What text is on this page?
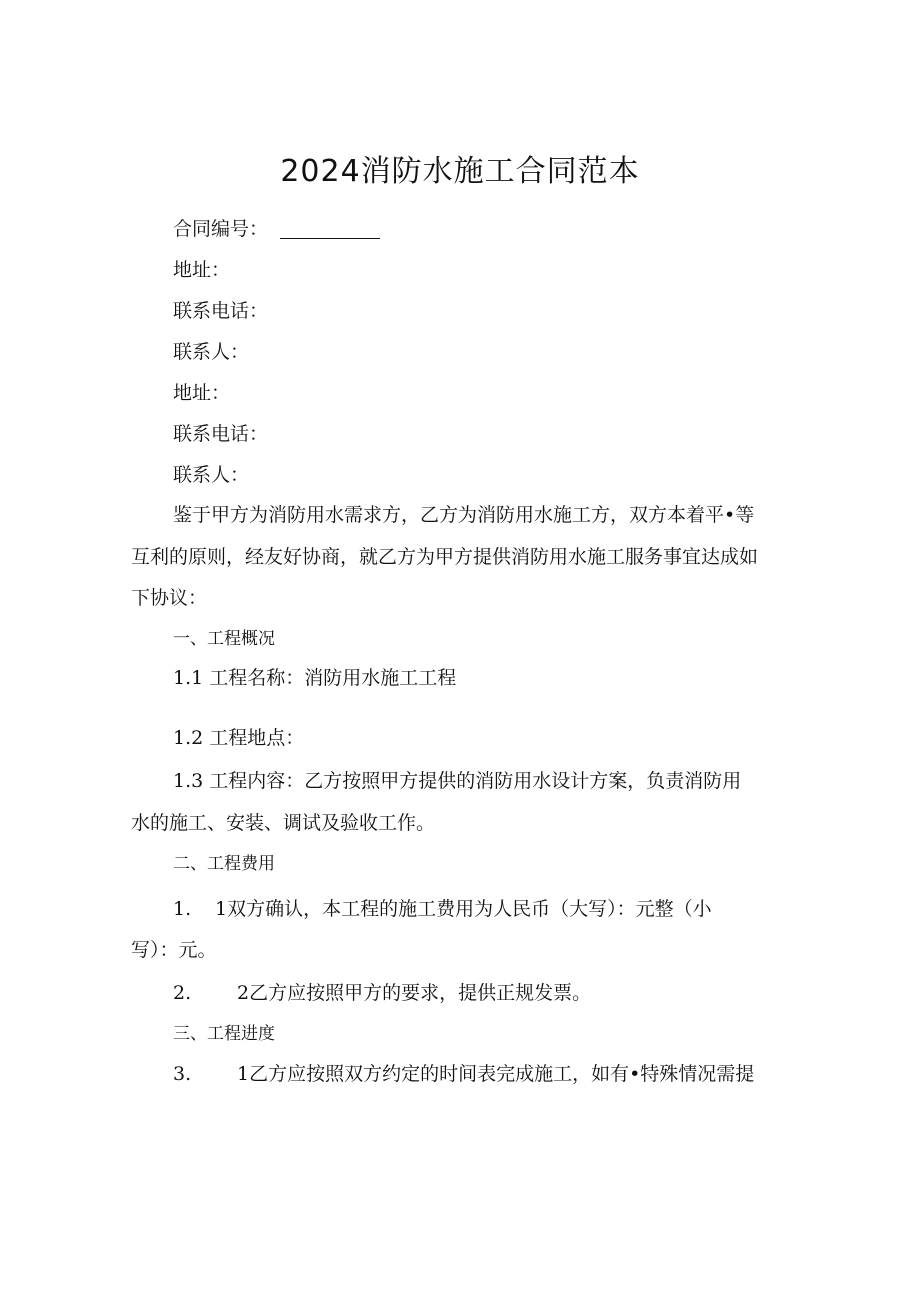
2024消防水施工合同范本
合同编号：
地址：
联系电话：
联系人：
地址：
联系电话：
联系人：
鉴于甲方为消防用水需求方，乙方为消防用水施工方，双方本着平•等
互利的原则，经友好协商，就乙方为甲方提供消防用水施工服务事宜达成如
下协议：
一、工程概况
1.1 工程名称：消防用水施工工程
1.2 工程地点：
1.3 工程内容：乙方按照甲方提供的消防用水设计方案，负责消防用
水的施工、安装、调试及验收工作。
二、工程费用
1. 1双方确认，本工程的施工费用为人民币（大写）：元整（小
写）：元。
2. 2乙方应按照甲方的要求，提供正规发票。
三、工程进度
3. 1乙方应按照双方约定的时间表完成施工，如有•特殊情况需提
